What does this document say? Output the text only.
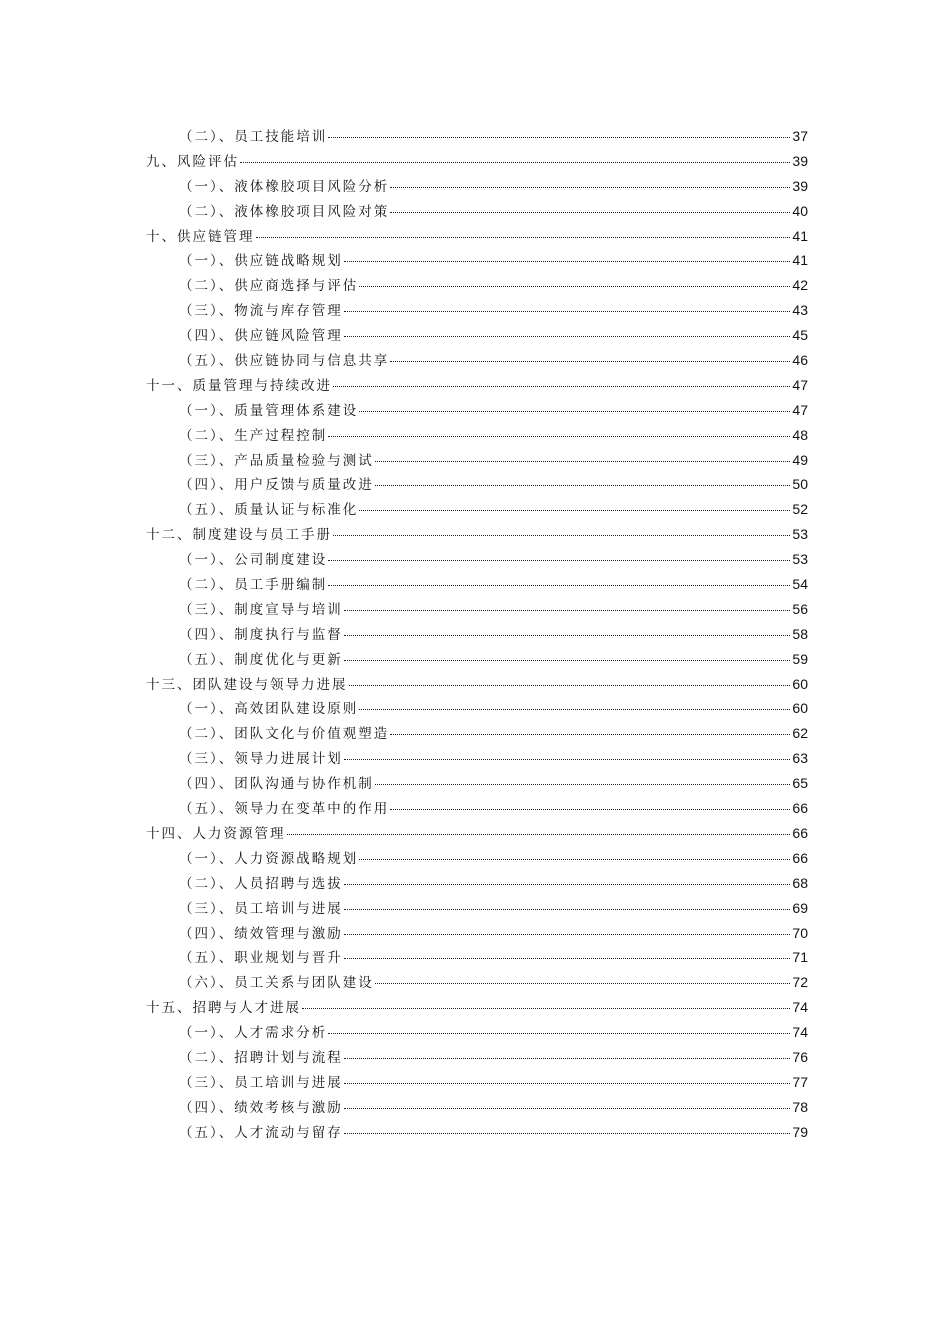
（二）、员工技能培训	37
九、风险评估	39
（一）、液体橡胶项目风险分析	39
（二）、液体橡胶项目风险对策	40
十、供应链管理	41
（一）、供应链战略规划	41
（二）、供应商选择与评估	42
（三）、物流与库存管理	43
（四）、供应链风险管理	45
（五）、供应链协同与信息共享	46
十一、质量管理与持续改进	47
（一）、质量管理体系建设	47
（二）、生产过程控制	48
（三）、产品质量检验与测试	49
（四）、用户反馈与质量改进	50
（五）、质量认证与标准化	52
十二、制度建设与员工手册	53
（一）、公司制度建设	53
（二）、员工手册编制	54
（三）、制度宣导与培训	56
（四）、制度执行与监督	58
（五）、制度优化与更新	59
十三、团队建设与领导力进展	60
（一）、高效团队建设原则	60
（二）、团队文化与价值观塑造	62
（三）、领导力进展计划	63
（四）、团队沟通与协作机制	65
（五）、领导力在变革中的作用	66
十四、人力资源管理	66
（一）、人力资源战略规划	66
（二）、人员招聘与选拔	68
（三）、员工培训与进展	69
（四）、绩效管理与激励	70
（五）、职业规划与晋升	71
（六）、员工关系与团队建设	72
十五、招聘与人才进展	74
（一）、人才需求分析	74
（二）、招聘计划与流程	76
（三）、员工培训与进展	77
（四）、绩效考核与激励	78
（五）、人才流动与留存	79
